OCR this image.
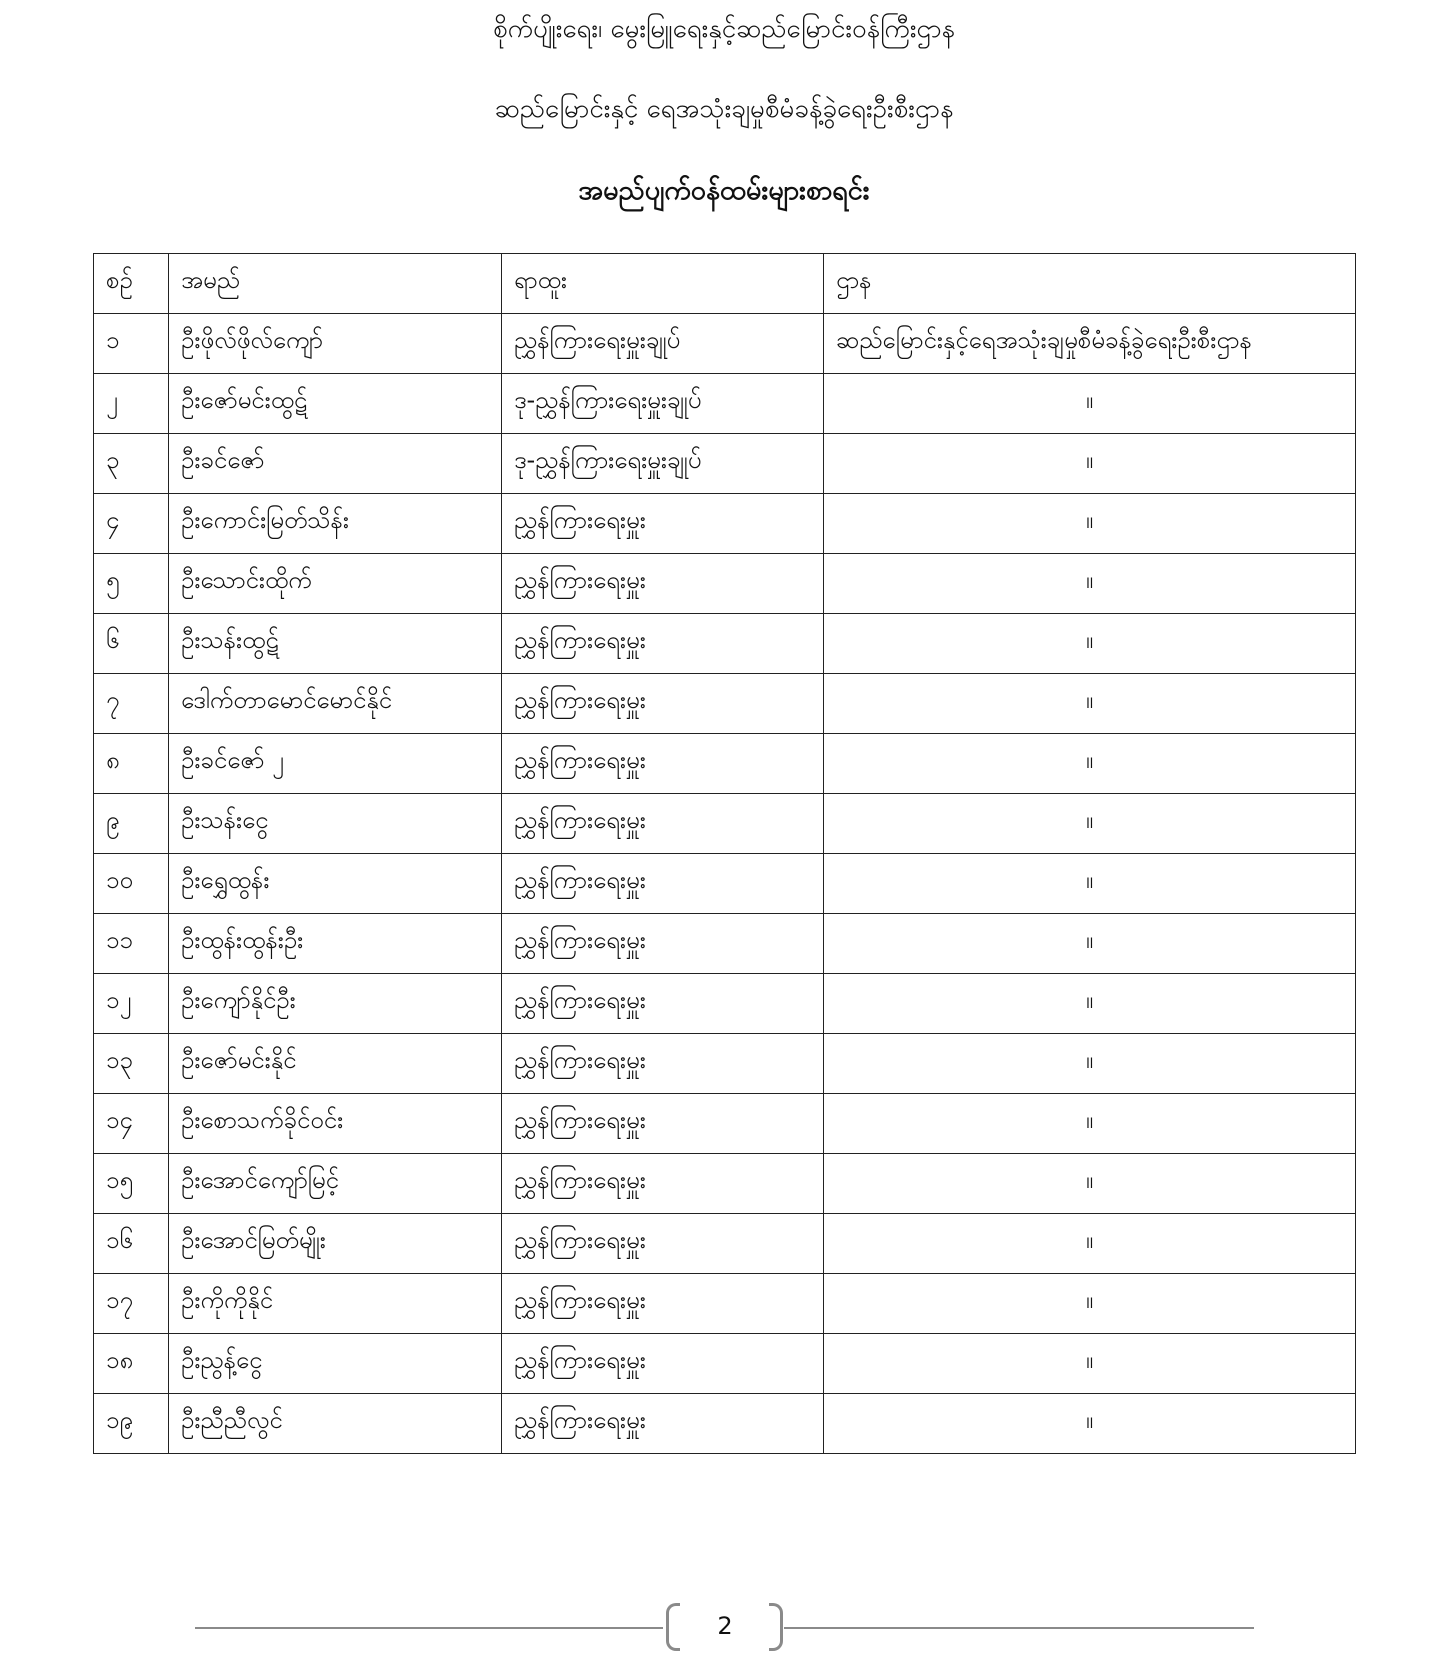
စိုက်ပျိုးရေး၊ မွေးမြူရေးနှင့်ဆည်မြောင်းဝန်ကြီးဌာန
ဆည်မြောင်းနှင့် ရေအသုံးချမှုစီမံခန့်ခွဲရေးဦးစီးဌာန
အမည်ပျက်ဝန်ထမ်းများစာရင်း
စဉ်	အမည်	ရာထူး	ဌာန
၁	ဦးဖိုလ်ဖိုလ်ကျော်	ညွှန်ကြားရေးမှူးချုပ်	ဆည်မြောင်းနှင့်ရေအသုံးချမှုစီမံခန့်ခွဲရေးဦးစီးဌာန
၂	ဦးဇော်မင်းထွဋ်	ဒု-ညွှန်ကြားရေးမှူးချုပ်	။
၃	ဦးခင်ဇော်	ဒု-ညွှန်ကြားရေးမှူးချုပ်	။
၄	ဦးကောင်းမြတ်သိန်း	ညွှန်ကြားရေးမှူး	။
၅	ဦးသောင်းထိုက်	ညွှန်ကြားရေးမှူး	။
၆	ဦးသန်းထွဋ်	ညွှန်ကြားရေးမှူး	။
၇	ဒေါက်တာမောင်မောင်နိုင်	ညွှန်ကြားရေးမှူး	။
၈	ဦးခင်ဇော် ၂	ညွှန်ကြားရေးမှူး	။
၉	ဦးသန်းငွေ	ညွှန်ကြားရေးမှူး	။
၁၀	ဦးရွှေထွန်း	ညွှန်ကြားရေးမှူး	။
၁၁	ဦးထွန်းထွန်းဦး	ညွှန်ကြားရေးမှူး	။
၁၂	ဦးကျော်နိုင်ဦး	ညွှန်ကြားရေးမှူး	။
၁၃	ဦးဇော်မင်းနိုင်	ညွှန်ကြားရေးမှူး	။
၁၄	ဦးစောသက်ခိုင်ဝင်း	ညွှန်ကြားရေးမှူး	။
၁၅	ဦးအောင်ကျော်မြင့်	ညွှန်ကြားရေးမှူး	။
၁၆	ဦးအောင်မြတ်မျိုး	ညွှန်ကြားရေးမှူး	။
၁၇	ဦးကိုကိုနိုင်	ညွှန်ကြားရေးမှူး	။
၁၈	ဦးညွန့်ငွေ	ညွှန်ကြားရေးမှူး	။
၁၉	ဦးညီညီလွင်	ညွှန်ကြားရေးမှူး	။
2
